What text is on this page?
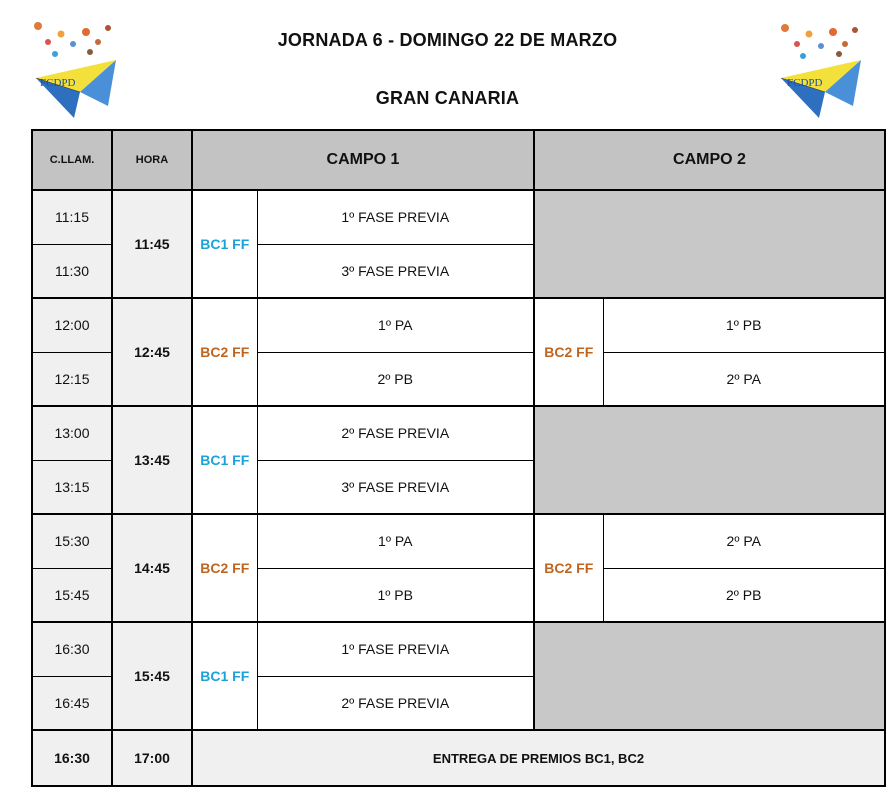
FCDPD	FCDPD
JORNADA 6 - DOMINGO 22 DE MARZO
GRAN CANARIA
C.LLAM.	HORA	CAMPO 1		CAMPO 2	
11:15	11:45	BC1 FF	1º FASE PREVIA		
11:30			3º FASE PREVIA		
12:00	12:45	BC2 FF	1º PA	BC2 FF	1º PB
12:15			2º PB		2º PA
13:00	13:45	BC1 FF	2º FASE PREVIA		
13:15			3º FASE PREVIA		
15:30	14:45	BC2 FF	1º PA	BC2 FF	2º PA
15:45			1º PB		2º PB
16:30	15:45	BC1 FF	1º FASE PREVIA		
16:45			2º FASE PREVIA		
16:30	17:00	ENTREGA DE PREMIOS BC1, BC2			
